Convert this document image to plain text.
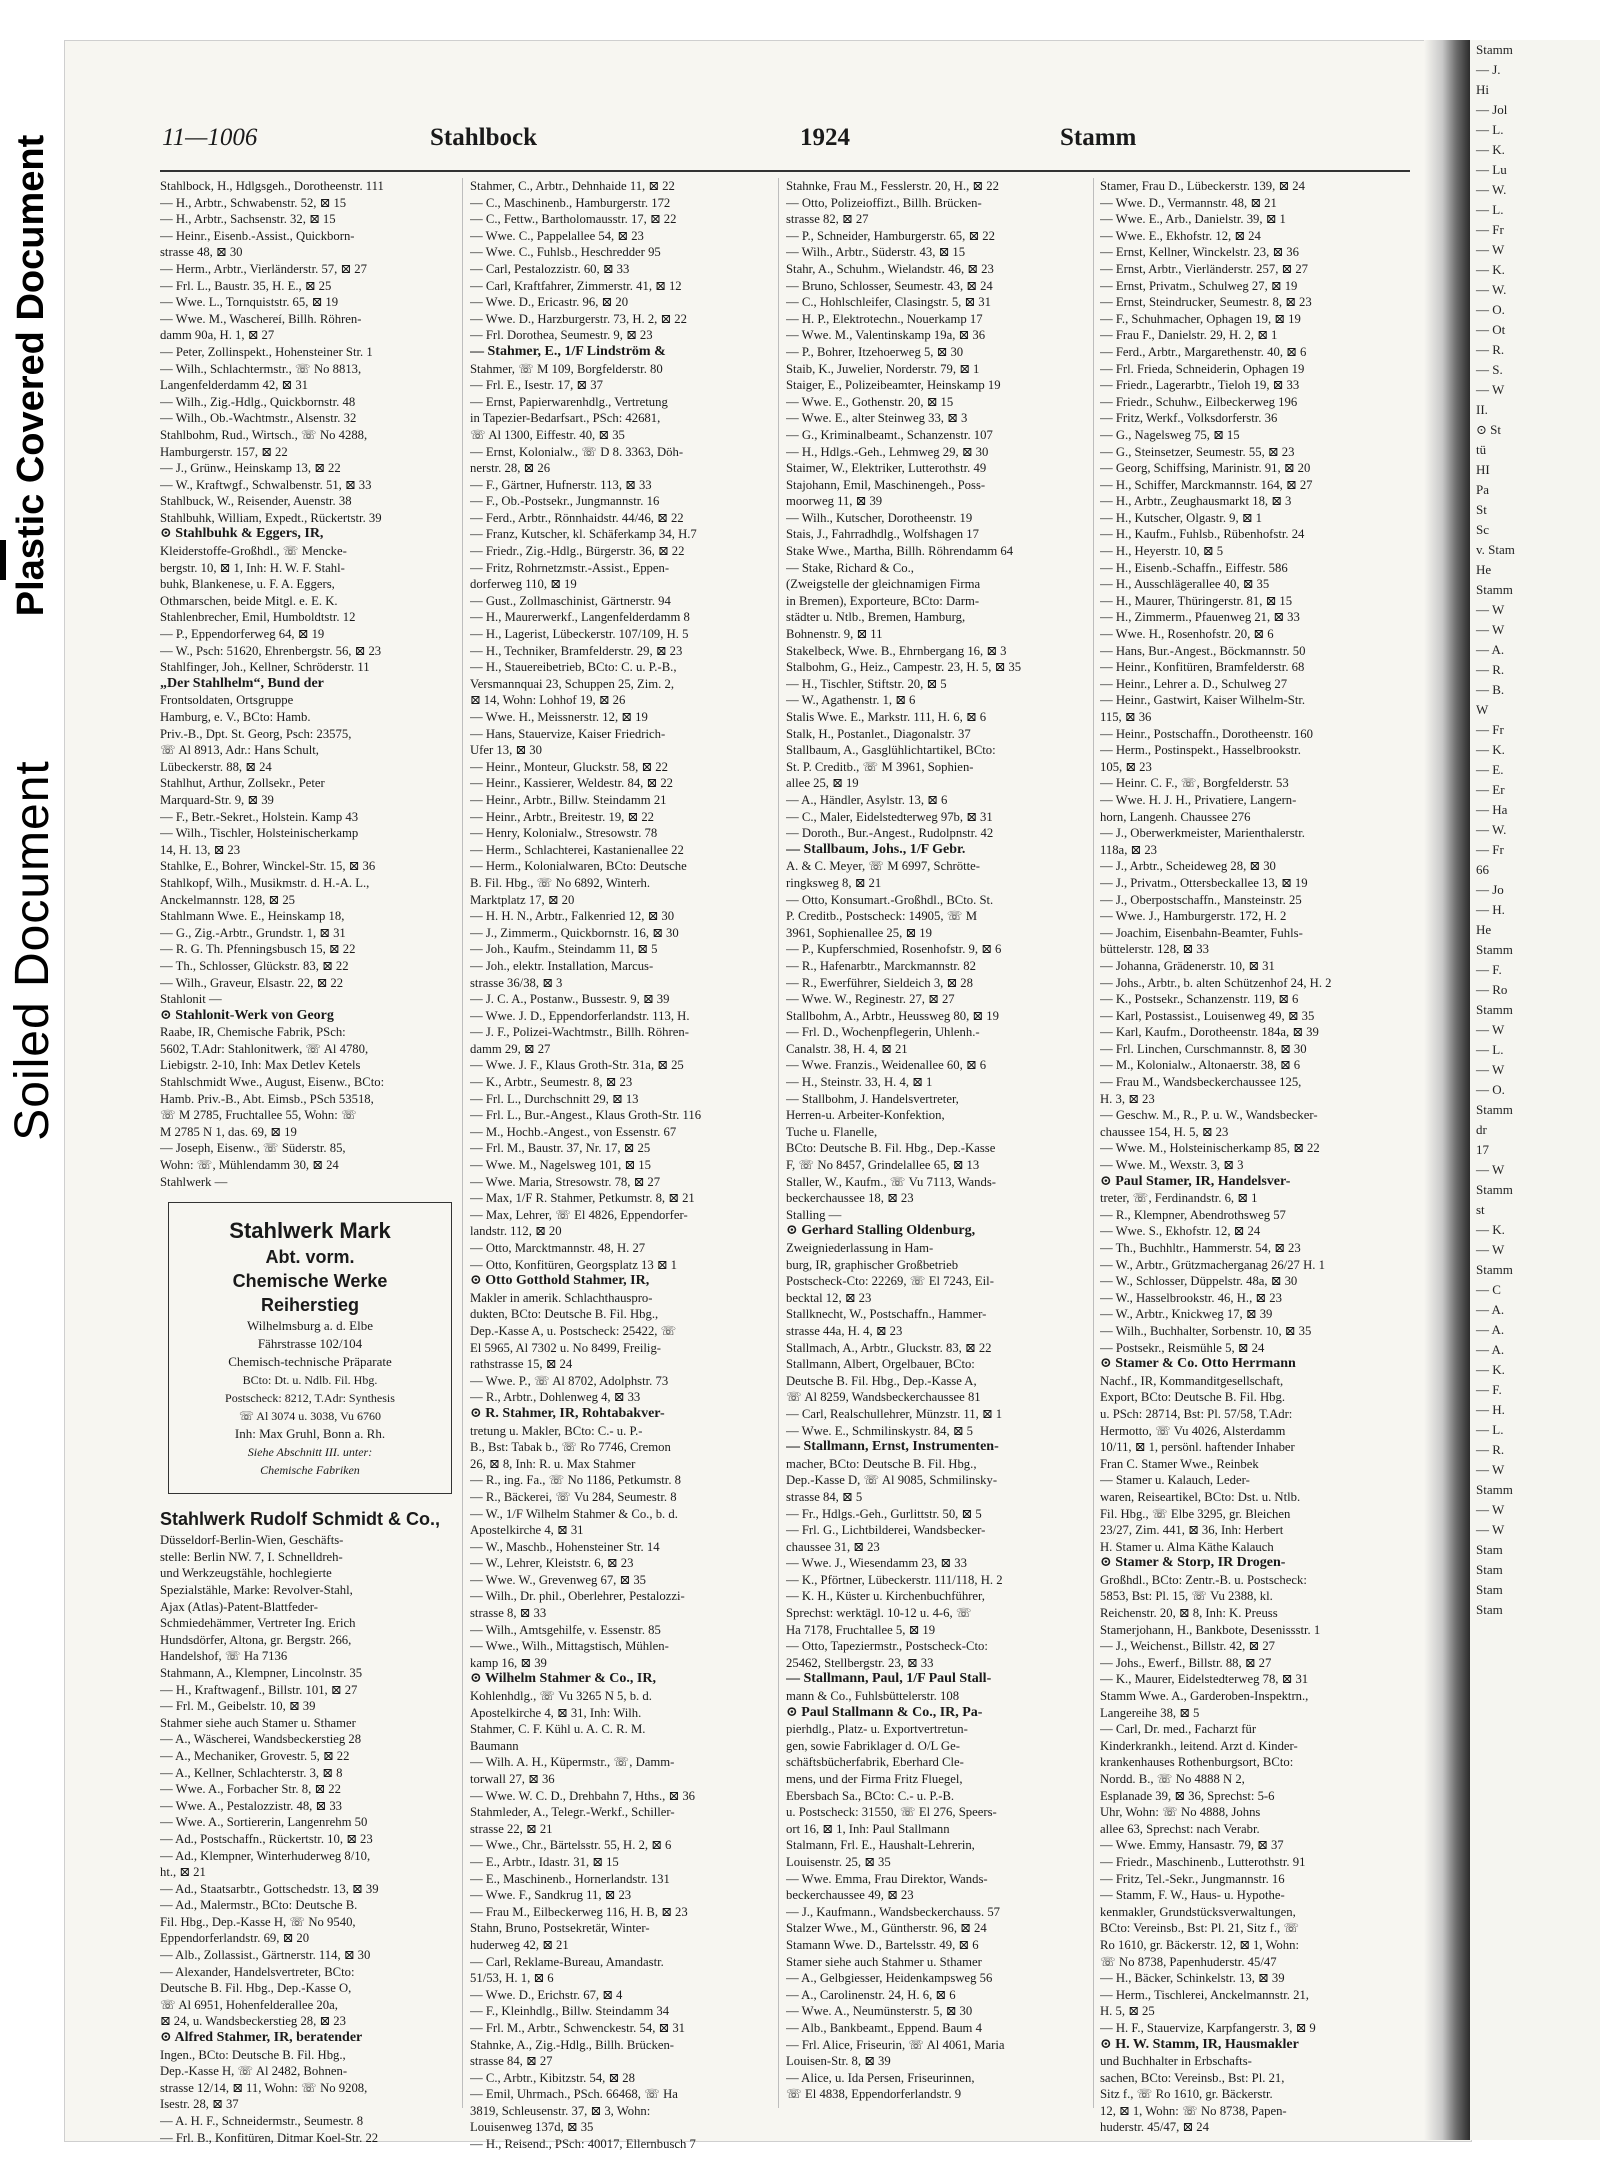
Plastic Covered Document
Soiled Document
Stamm
— J.
Hi
— Jol
— L.
— K.
— Lu
— W.
— L.
— Fr
— W
— K.
— W.
— O.
— Ot
— R.
— S.
— W
II.
⊙ St
tü
HI
Pa
St
Sc
v. Stam
He
Stamm
— W
— W
— A.
— R.
— B.
W
— Fr
— K.
— E.
— Er
— Ha
— W.
— Fr
66
— Jo
— H.
He
Stamm
— F.
— Ro
Stamm
— W
— L.
— W
— O.
Stamm
dr
17
— W
Stamm
st
— K.
— W
Stamm
— C
— A.
— A.
— A.
— K.
— F.
— H.
— L.
— R.
— W
Stamm
— W
— W
Stam
Stam
Stam
Stam
11—1006	Stahlbock	1924	Stamm
Stahlbock, H., Hdlgsgeh., Dorotheenstr. 111
— H., Arbtr., Schwabenstr. 52, ⊠ 15
— H., Arbtr., Sachsenstr. 32, ⊠ 15
— Heinr., Eisenb.-Assist., Quickborn-
strasse 48, ⊠ 30
— Herm., Arbtr., Vierländerstr. 57, ⊠ 27
— Frl. L., Baustr. 35, H. E., ⊠ 25
— Wwe. L., Tornquiststr. 65, ⊠ 19
— Wwe. M., Waschereí, Billh. Röhren-
damm 90a, H. 1, ⊠ 27
— Peter, Zollinspekt., Hohensteiner Str. 1
— Wilh., Schlachtermstr., ☏ No 8813,
Langenfelderdamm 42, ⊠ 31
— Wilh., Zig.-Hdlg., Quickbornstr. 48
— Wilh., Ob.-Wachtmstr., Alsenstr. 32
Stahlbohm, Rud., Wirtsch., ☏ No 4288,
Hamburgerstr. 157, ⊠ 22
— J., Grünw., Heinskamp 13, ⊠ 22
— W., Kraftwgf., Schwalbenstr. 51, ⊠ 33
Stahlbuck, W., Reisender, Auenstr. 38
Stahlbuhk, William, Expedt., Rückertstr. 39
⊙ Stahlbuhk & Eggers, IR,
Kleiderstoffe-Großhdl., ☏ Mencke-
bergstr. 10, ⊠ 1, Inh: H. W. F. Stahl-
buhk, Blankenese, u. F. A. Eggers,
Othmarschen, beide Mitgl. e. E. K.
Stahlenbrecher, Emil, Humboldtstr. 12
— P., Eppendorferweg 64, ⊠ 19
— W., Psch: 51620, Ehrenbergstr. 56, ⊠ 23
Stahlfinger, Joh., Kellner, Schröderstr. 11
„Der Stahlhelm“, Bund der
Frontsoldaten, Ortsgruppe
Hamburg, e. V., BCto: Hamb.
Priv.-B., Dpt. St. Georg, Psch: 23575,
☏ Al 8913, Adr.: Hans Schult,
Lübeckerstr. 88, ⊠ 24
Stahlhut, Arthur, Zollsekr., Peter
Marquard-Str. 9, ⊠ 39
— F., Betr.-Sekret., Holstein. Kamp 43
— Wilh., Tischler, Holsteinischerkamp
14, H. 13, ⊠ 23
Stahlke, E., Bohrer, Winckel-Str. 15, ⊠ 36
Stahlkopf, Wilh., Musikmstr. d. H.-A. L.,
Anckelmannstr. 128, ⊠ 25
Stahlmann Wwe. E., Heinskamp 18,
— G., Zig.-Arbtr., Grundstr. 1, ⊠ 31
— R. G. Th. Pfenningsbusch 15, ⊠ 22
— Th., Schlosser, Glückstr. 83, ⊠ 22
— Wilh., Graveur, Elsastr. 22, ⊠ 22
Stahlonit —
⊙ Stahlonit-Werk von Georg
Raabe, IR, Chemische Fabrik, PSch:
5602, T.Adr: Stahlonitwerk, ☏ Al 4780,
Liebigstr. 2-10, Inh: Max Detlev Ketels
Stahlschmidt Wwe., August, Eisenw., BCto:
Hamb. Priv.-B., Abt. Eimsb., PSch 53518,
☏ M 2785, Fruchtallee 55, Wohn: ☏
M 2785 N 1, das. 69, ⊠ 19
— Joseph, Eisenw., ☏ Süderstr. 85,
Wohn: ☏, Mühlendamm 30, ⊠ 24
Stahlwerk —
Stahlwerk Mark
Abt. vorm.
Chemische Werke
Reiherstieg
Wilhelmsburg a. d. Elbe
Fährstrasse 102/104
Chemisch-technische Präparate
BCto: Dt. u. Ndlb. Fil. Hbg.
Postscheck: 8212, T.Adr: Synthesis
☏ Al 3074 u. 3038, Vu 6760
Inh: Max Gruhl, Bonn a. Rh.
Siehe Abschnitt III. unter:
Chemische Fabriken
Stahlwerk Rudolf Schmidt & Co.,
Düsseldorf-Berlin-Wien, Geschäfts-
stelle: Berlin NW. 7, I. Schnelldreh-
und Werkzeugstähle, hochlegierte
Spezialstähle, Marke: Revolver-Stahl,
Ajax (Atlas)-Patent-Blattfeder-
Schmiedehämmer, Vertreter Ing. Erich
Hundsdörfer, Altona, gr. Bergstr. 266,
Handelshof, ☏ Ha 7136
Stahmann, A., Klempner, Lincolnstr. 35
— H., Kraftwagenf., Billstr. 101, ⊠ 27
— Frl. M., Geibelstr. 10, ⊠ 39
Stahmer siehe auch Stamer u. Sthamer
— A., Wäscherei, Wandsbeckerstieg 28
— A., Mechaniker, Grovestr. 5, ⊠ 22
— A., Kellner, Schlachterstr. 3, ⊠ 8
— Wwe. A., Forbacher Str. 8, ⊠ 22
— Wwe. A., Pestalozzistr. 48, ⊠ 33
— Wwe. A., Sortiererin, Langenrehm 50
— Ad., Postschaffn., Rückertstr. 10, ⊠ 23
— Ad., Klempner, Winterhuderweg 8/10,
ht., ⊠ 21
— Ad., Staatsarbtr., Gottschedstr. 13, ⊠ 39
— Ad., Malermstr., BCto: Deutsche B.
Fil. Hbg., Dep.-Kasse H, ☏ No 9540,
Eppendorferlandstr. 69, ⊠ 20
— Alb., Zollassist., Gärtnerstr. 114, ⊠ 30
— Alexander, Handelsvertreter, BCto:
Deutsche B. Fil. Hbg., Dep.-Kasse O,
☏ Al 6951, Hohenfelderallee 20a,
⊠ 24, u. Wandsbeckerstieg 28, ⊠ 23
⊙ Alfred Stahmer, IR, beratender
Ingen., BCto: Deutsche B. Fil. Hbg.,
Dep.-Kasse H, ☏ Al 2482, Bohnen-
strasse 12/14, ⊠ 11, Wohn: ☏ No 9208,
Isestr. 28, ⊠ 37
— A. H. F., Schneidermstr., Seumestr. 8
— Frl. B., Konfitüren, Ditmar Koel-Str. 22
Stahmer, C., Arbtr., Dehnhaide 11, ⊠ 22
— C., Maschinenb., Hamburgerstr. 172
— C., Fettw., Bartholomausstr. 17, ⊠ 22
— Wwe. C., Pappelallee 54, ⊠ 23
— Wwe. C., Fuhlsb., Heschredder 95
— Carl, Pestalozzistr. 60, ⊠ 33
— Carl, Kraftfahrer, Zimmerstr. 41, ⊠ 12
— Wwe. D., Ericastr. 96, ⊠ 20
— Wwe. D., Harzburgerstr. 73, H. 2, ⊠ 22
— Frl. Dorothea, Seumestr. 9, ⊠ 23
— Stahmer, E., 1/F Lindström &
Stahmer, ☏ M 109, Borgfelderstr. 80
— Frl. E., Isestr. 17, ⊠ 37
— Ernst, Papierwarenhdlg., Vertretung
in Tapezier-Bedarfsart., PSch: 42681,
☏ Al 1300, Eiffestr. 40, ⊠ 35
— Ernst, Kolonialw., ☏ D 8. 3363, Döh-
nerstr. 28, ⊠ 26
— F., Gärtner, Hufnerstr. 113, ⊠ 33
— F., Ob.-Postsekr., Jungmannstr. 16
— Ferd., Arbtr., Rönnhaidstr. 44/46, ⊠ 22
— Franz, Kutscher, kl. Schäferkamp 34, H.7
— Friedr., Zig.-Hdlg., Bürgerstr. 36, ⊠ 22
— Fritz, Rohrnetzmstr.-Assist., Eppen-
dorferweg 110, ⊠ 19
— Gust., Zollmaschinist, Gärtnerstr. 94
— H., Maurerwerkf., Langenfelderdamm 8
— H., Lagerist, Lübeckerstr. 107/109, H. 5
— H., Techniker, Bramfelderstr. 29, ⊠ 23
— H., Stauereibetrieb, BCto: C. u. P.-B.,
Versmannquai 23, Schuppen 25, Zim. 2,
⊠ 14, Wohn: Lohhof 19, ⊠ 26
— Wwe. H., Meissnerstr. 12, ⊠ 19
— Hans, Stauervize, Kaiser Friedrich-
Ufer 13, ⊠ 30
— Heinr., Monteur, Gluckstr. 58, ⊠ 22
— Heinr., Kassierer, Weldestr. 84, ⊠ 22
— Heinr., Arbtr., Billw. Steindamm 21
— Heinr., Arbtr., Breitestr. 19, ⊠ 22
— Henry, Kolonialw., Stresowstr. 78
— Herm., Schlachterei, Kastanienallee 22
— Herm., Kolonialwaren, BCto: Deutsche
B. Fil. Hbg., ☏ No 6892, Winterh.
Marktplatz 17, ⊠ 20
— H. H. N., Arbtr., Falkenried 12, ⊠ 30
— J., Zimmerm., Quickbornstr. 16, ⊠ 30
— Joh., Kaufm., Steindamm 11, ⊠ 5
— Joh., elektr. Installation, Marcus-
strasse 36/38, ⊠ 3
— J. C. A., Postanw., Bussestr. 9, ⊠ 39
— Wwe. J. D., Eppendorferlandstr. 113, H.
— J. F., Polizei-Wachtmstr., Billh. Röhren-
damm 29, ⊠ 27
— Wwe. J. F., Klaus Groth-Str. 31a, ⊠ 25
— K., Arbtr., Seumestr. 8, ⊠ 23
— Frl. L., Durchschnitt 29, ⊠ 13
— Frl. L., Bur.-Angest., Klaus Groth-Str. 116
— M., Hochb.-Angest., von Essenstr. 67
— Frl. M., Baustr. 37, Nr. 17, ⊠ 25
— Wwe. M., Nagelsweg 101, ⊠ 15
— Wwe. Maria, Stresowstr. 78, ⊠ 27
— Max, 1/F R. Stahmer, Petkumstr. 8, ⊠ 21
— Max, Lehrer, ☏ El 4826, Eppendorfer-
landstr. 112, ⊠ 20
— Otto, Marcktmannstr. 48, H. 27
— Otto, Konfitüren, Georgsplatz 13 ⊠ 1
⊙ Otto Gotthold Stahmer, IR,
Makler in amerik. Schlachthauspro-
dukten, BCto: Deutsche B. Fil. Hbg.,
Dep.-Kasse A, u. Postscheck: 25422, ☏
El 5965, Al 7302 u. No 8499, Freilig-
rathstrasse 15, ⊠ 24
— Wwe. P., ☏ Al 8702, Adolphstr. 73
— R., Arbtr., Dohlenweg 4, ⊠ 33
⊙ R. Stahmer, IR, Rohtabakver-
tretung u. Makler, BCto: C.- u. P.-
B., Bst: Tabak b., ☏ Ro 7746, Cremon
26, ⊠ 8, Inh: R. u. Max Stahmer
— R., ing. Fa., ☏ No 1186, Petkumstr. 8
— R., Bäckerei, ☏ Vu 284, Seumestr. 8
— W., 1/F Wilhelm Stahmer & Co., b. d.
Apostelkirche 4, ⊠ 31
— W., Maschb., Hohensteiner Str. 14
— W., Lehrer, Kleiststr. 6, ⊠ 23
— Wwe. W., Grevenweg 67, ⊠ 35
— Wilh., Dr. phil., Oberlehrer, Pestalozzi-
strasse 8, ⊠ 33
— Wilh., Amtsgehilfe, v. Essenstr. 85
— Wwe., Wilh., Mittagstisch, Mühlen-
kamp 16, ⊠ 39
⊙ Wilhelm Stahmer & Co., IR,
Kohlenhdlg., ☏ Vu 3265 N 5, b. d.
Apostelkirche 4, ⊠ 31, Inh: Wilh.
Stahmer, C. F. Kühl u. A. C. R. M.
Baumann
— Wilh. A. H., Küpermstr., ☏, Damm-
torwall 27, ⊠ 36
— Wwe. W. C. D., Drehbahn 7, Hths., ⊠ 36
Stahmleder, A., Telegr.-Werkf., Schiller-
strasse 22, ⊠ 21
— Wwe., Chr., Bärtelsstr. 55, H. 2, ⊠ 6
— E., Arbtr., Idastr. 31, ⊠ 15
— E., Maschinenb., Hornerlandstr. 131
— Wwe. F., Sandkrug 11, ⊠ 23
— Frau M., Eilbeckerweg 116, H. B, ⊠ 23
Stahn, Bruno, Postsekretär, Winter-
huderweg 42, ⊠ 21
— Carl, Reklame-Bureau, Amandastr.
51/53, H. 1, ⊠ 6
— Wwe. D., Erichstr. 67, ⊠ 4
— F., Kleinhdlg., Billw. Steindamm 34
— Frl. M., Arbtr., Schwenckestr. 54, ⊠ 31
Stahnke, A., Zig.-Hdlg., Billh. Brücken-
strasse 84, ⊠ 27
— C., Arbtr., Kibitzstr. 54, ⊠ 28
— Emil, Uhrmach., PSch. 66468, ☏ Ha
3819, Schleusenstr. 37, ⊠ 3, Wohn:
Louisenweg 137d, ⊠ 35
— H., Reisend., PSch: 40017, Ellernbusch 7
Stahnke, Frau M., Fesslerstr. 20, H., ⊠ 22
— Otto, Polizeioffizt., Billh. Brücken-
strasse 82, ⊠ 27
— P., Schneider, Hamburgerstr. 65, ⊠ 22
— Wilh., Arbtr., Süderstr. 43, ⊠ 15
Stahr, A., Schuhm., Wielandstr. 46, ⊠ 23
— Bruno, Schlosser, Seumestr. 43, ⊠ 24
— C., Hohlschleifer, Clasingstr. 5, ⊠ 31
— H. P., Elektrotechn., Nouerkamp 17
— Wwe. M., Valentinskamp 19a, ⊠ 36
— P., Bohrer, Itzehoerweg 5, ⊠ 30
Staib, K., Juwelier, Norderstr. 79, ⊠ 1
Staiger, E., Polizeibeamter, Heinskamp 19
— Wwe. E., Gothenstr. 20, ⊠ 15
— Wwe. E., alter Steinweg 33, ⊠ 3
— G., Kriminalbeamt., Schanzenstr. 107
— H., Hdlgs.-Geh., Lehmweg 29, ⊠ 30
Staimer, W., Elektriker, Lutterothstr. 49
Stajohann, Emil, Maschinengeh., Poss-
moorweg 11, ⊠ 39
— Wilh., Kutscher, Dorotheenstr. 19
Stais, J., Fahrradhdlg., Wolfshagen 17
Stake Wwe., Martha, Billh. Röhrendamm 64
— Stake, Richard & Co.,
(Zweigstelle der gleichnamigen Firma
in Bremen), Exporteure, BCto: Darm-
städter u. Ntlb., Bremen, Hamburg,
Bohnenstr. 9, ⊠ 11
Stakelbeck, Wwe. B., Ehrnbergang 16, ⊠ 3
Stalbohm, G., Heiz., Campestr. 23, H. 5, ⊠ 35
— H., Tischler, Stiftstr. 20, ⊠ 5
— W., Agathenstr. 1, ⊠ 6
Stalis Wwe. E., Markstr. 111, H. 6, ⊠ 6
Stalk, H., Postanlet., Diagonalstr. 37
Stallbaum, A., Gasglühlichtartikel, BCto:
St. P. Creditb., ☏ M 3961, Sophien-
allee 25, ⊠ 19
— A., Händler, Asylstr. 13, ⊠ 6
— C., Maler, Eidelstedterweg 97b, ⊠ 31
— Doroth., Bur.-Angest., Rudolpnstr. 42
— Stallbaum, Johs., 1/F Gebr.
A. & C. Meyer, ☏ M 6997, Schrötte-
ringksweg 8, ⊠ 21
— Otto, Konsumart.-Großhdl., BCto. St.
P. Creditb., Postscheck: 14905, ☏ M
3961, Sophienallee 25, ⊠ 19
— P., Kupferschmied, Rosenhofstr. 9, ⊠ 6
— R., Hafenarbtr., Marckmannstr. 82
— R., Ewerführer, Sieldeich 3, ⊠ 28
— Wwe. W., Reginestr. 27, ⊠ 27
Stallbohm, A., Arbtr., Heussweg 80, ⊠ 19
— Frl. D., Wochenpflegerin, Uhlenh.-
Canalstr. 38, H. 4, ⊠ 21
— Wwe. Franzis., Weidenallee 60, ⊠ 6
— H., Steinstr. 33, H. 4, ⊠ 1
— Stallbohm, J. Handelsvertreter,
Herren-u. Arbeiter-Konfektion,
Tuche u. Flanelle,
BCto: Deutsche B. Fil. Hbg., Dep.-Kasse
F, ☏ No 8457, Grindelallee 65, ⊠ 13
Staller, W., Kaufm., ☏ Vu 7113, Wands-
beckerchaussee 18, ⊠ 23
Stalling —
⊙ Gerhard Stalling Oldenburg,
Zweigniederlassung in Ham-
burg, IR, graphischer Großbetrieb
Postscheck-Cto: 22269, ☏ El 7243, Eil-
becktal 12, ⊠ 23
Stallknecht, W., Postschaffn., Hammer-
strasse 44a, H. 4, ⊠ 23
Stallmach, A., Arbtr., Gluckstr. 83, ⊠ 22
Stallmann, Albert, Orgelbauer, BCto:
Deutsche B. Fil. Hbg., Dep.-Kasse A,
☏ Al 8259, Wandsbeckerchaussee 81
— Carl, Realschullehrer, Münzstr. 11, ⊠ 1
— Wwe. E., Schmilinskystr. 84, ⊠ 5
— Stallmann, Ernst, Instrumenten-
macher, BCto: Deutsche B. Fil. Hbg.,
Dep.-Kasse D, ☏ Al 9085, Schmilinsky-
strasse 84, ⊠ 5
— Fr., Hdlgs.-Geh., Gurlittstr. 50, ⊠ 5
— Frl. G., Lichtbilderei, Wandsbecker-
chaussee 31, ⊠ 23
— Wwe. J., Wiesendamm 23, ⊠ 33
— K., Pförtner, Lübeckerstr. 111/118, H. 2
— K. H., Küster u. Kirchenbuchführer,
Sprechst: werktägl. 10-12 u. 4-6, ☏
Ha 7178, Fruchtallee 5, ⊠ 19
— Otto, Tapeziermstr., Postscheck-Cto:
25462, Stellbergstr. 23, ⊠ 33
— Stallmann, Paul, 1/F Paul Stall-
mann & Co., Fuhlsbüttelerstr. 108
⊙ Paul Stallmann & Co., IR, Pa-
pierhdlg., Platz- u. Exportvertretun-
gen, sowie Fabriklager d. O/L Ge-
schäftsbücherfabrik, Eberhard Cle-
mens, und der Firma Fritz Fluegel,
Ebersbach Sa., BCto: C.- u. P.-B.
u. Postscheck: 31550, ☏ El 276, Speers-
ort 16, ⊠ 1, Inh: Paul Stallmann
Stalmann, Frl. E., Haushalt-Lehrerin,
Louisenstr. 25, ⊠ 35
— Wwe. Emma, Frau Direktor, Wands-
beckerchaussee 49, ⊠ 23
— J., Kaufmann., Wandsbeckerchauss. 57
Stalzer Wwe., M., Güntherstr. 96, ⊠ 24
Stamann Wwe. D., Bartelsstr. 49, ⊠ 6
Stamer siehe auch Stahmer u. Sthamer
— A., Gelbgiesser, Heidenkampsweg 56
— A., Carolinenstr. 24, H. 6, ⊠ 6
— Wwe. A., Neumünsterstr. 5, ⊠ 30
— Alb., Bankbeamt., Eppend. Baum 4
— Frl. Alice, Friseurin, ☏ Al 4061, Maria
Louisen-Str. 8, ⊠ 39
— Alice, u. Ida Persen, Friseurinnen,
☏ El 4838, Eppendorferlandstr. 9
Stamer, Frau D., Lübeckerstr. 139, ⊠ 24
— Wwe. D., Vermannstr. 48, ⊠ 21
— Wwe. E., Arb., Danielstr. 39, ⊠ 1
— Wwe. E., Ekhofstr. 12, ⊠ 24
— Ernst, Kellner, Winckelstr. 23, ⊠ 36
— Ernst, Arbtr., Vierländerstr. 257, ⊠ 27
— Ernst, Privatm., Schulweg 27, ⊠ 19
— Ernst, Steindrucker, Seumestr. 8, ⊠ 23
— F., Schuhmacher, Ophagen 19, ⊠ 19
— Frau F., Danielstr. 29, H. 2, ⊠ 1
— Ferd., Arbtr., Margarethenstr. 40, ⊠ 6
— Frl. Frieda, Schneiderin, Ophagen 19
— Friedr., Lagerarbtr., Tieloh 19, ⊠ 33
— Friedr., Schuhw., Eilbeckerweg 196
— Fritz, Werkf., Volksdorferstr. 36
— G., Nagelsweg 75, ⊠ 15
— G., Steinsetzer, Seumestr. 55, ⊠ 23
— Georg, Schiffsing, Marinistr. 91, ⊠ 20
— H., Schiffer, Marckmannstr. 164, ⊠ 27
— H., Arbtr., Zeughausmarkt 18, ⊠ 3
— H., Kutscher, Olgastr. 9, ⊠ 1
— H., Kaufm., Fuhlsb., Rübenhofstr. 24
— H., Heyerstr. 10, ⊠ 5
— H., Eisenb.-Schaffn., Eiffestr. 586
— H., Ausschlägerallee 40, ⊠ 35
— H., Maurer, Thüringerstr. 81, ⊠ 15
— H., Zimmerm., Pfauenweg 21, ⊠ 33
— Wwe. H., Rosenhofstr. 20, ⊠ 6
— Hans, Bur.-Angest., Böckmannstr. 50
— Heinr., Konfitüren, Bramfelderstr. 68
— Heinr., Lehrer a. D., Schulweg 27
— Heinr., Gastwirt, Kaiser Wilhelm-Str.
115, ⊠ 36
— Heinr., Postschaffn., Dorotheenstr. 160
— Herm., Postinspekt., Hasselbrookstr.
105, ⊠ 23
— Heinr. C. F., ☏, Borgfelderstr. 53
— Wwe. H. J. H., Privatiere, Langern-
horn, Langenh. Chaussee 276
— J., Oberwerkmeister, Marienthalerstr.
118a, ⊠ 23
— J., Arbtr., Scheideweg 28, ⊠ 30
— J., Privatm., Ottersbeckallee 13, ⊠ 19
— J., Oberpostschaffn., Mansteinstr. 25
— Wwe. J., Hamburgerstr. 172, H. 2
— Joachim, Eisenbahn-Beamter, Fuhls-
büttelerstr. 128, ⊠ 33
— Johanna, Grädenerstr. 10, ⊠ 31
— Johs., Arbtr., b. alten Schützenhof 24, H. 2
— K., Postsekr., Schanzenstr. 119, ⊠ 6
— Karl, Postassist., Louisenweg 49, ⊠ 35
— Karl, Kaufm., Dorotheenstr. 184a, ⊠ 39
— Frl. Linchen, Curschmannstr. 8, ⊠ 30
— M., Kolonialw., Altonaerstr. 38, ⊠ 6
— Frau M., Wandsbeckerchaussee 125,
H. 3, ⊠ 23
— Geschw. M., R., P. u. W., Wandsbecker-
chaussee 154, H. 5, ⊠ 23
— Wwe. M., Holsteinischerkamp 85, ⊠ 22
— Wwe. M., Wexstr. 3, ⊠ 3
⊙ Paul Stamer, IR, Handelsver-
treter, ☏, Ferdinandstr. 6, ⊠ 1
— R., Klempner, Abendrothsweg 57
— Wwe. S., Ekhofstr. 12, ⊠ 24
— Th., Buchhltr., Hammerstr. 54, ⊠ 23
— W., Arbtr., Grützmacherganag 26/27 H. 1
— W., Schlosser, Düppelstr. 48a, ⊠ 30
— W., Hasselbrookstr. 46, H., ⊠ 23
— W., Arbtr., Knickweg 17, ⊠ 39
— Wilh., Buchhalter, Sorbenstr. 10, ⊠ 35
— Postsekr., Reismühle 5, ⊠ 24
⊙ Stamer & Co. Otto Herrmann
Nachf., IR, Kommanditgesellschaft,
Export, BCto: Deutsche B. Fil. Hbg.
u. PSch: 28714, Bst: Pl. 57/58, T.Adr:
Hermotto, ☏ Vu 4026, Alsterdamm
10/11, ⊠ 1, persönl. haftender Inhaber
Fran C. Stamer Wwe., Reinbek
— Stamer u. Kalauch, Leder-
waren, Reiseartikel, BCto: Dst. u. Ntlb.
Fil. Hbg., ☏ Elbe 3295, gr. Bleichen
23/27, Zim. 441, ⊠ 36, Inh: Herbert
H. Stamer u. Alma Käthe Kalauch
⊙ Stamer & Storp, IR Drogen-
Großhdl., BCto: Zentr.-B. u. Postscheck:
5853, Bst: Pl. 15, ☏ Vu 2388, kl.
Reichenstr. 20, ⊠ 8, Inh: K. Preuss
Stamerjohann, H., Bankbote, Desenissstr. 1
— J., Weichenst., Billstr. 42, ⊠ 27
— Johs., Ewerf., Billstr. 88, ⊠ 27
— K., Maurer, Eidelstedterweg 78, ⊠ 31
Stamm Wwe. A., Garderoben-Inspektrn.,
Langereihe 38, ⊠ 5
— Carl, Dr. med., Facharzt für
Kinderkrankh., leitend. Arzt d. Kinder-
krankenhauses Rothenburgsort, BCto:
Nordd. B., ☏ No 4888 N 2,
Esplanade 39, ⊠ 36, Sprechst: 5-6
Uhr, Wohn: ☏ No 4888, Johns
allee 63, Sprechst: nach Verabr.
— Wwe. Emmy, Hansastr. 79, ⊠ 37
— Friedr., Maschinenb., Lutterothstr. 91
— Fritz, Tel.-Sekr., Jungmannstr. 16
— Stamm, F. W., Haus- u. Hypothe-
kenmakler, Grundstücksverwaltungen,
BCto: Vereinsb., Bst: Pl. 21, Sitz f., ☏
Ro 1610, gr. Bäckerstr. 12, ⊠ 1, Wohn:
☏ No 8738, Papenhuderstr. 45/47
— H., Bäcker, Schinkelstr. 13, ⊠ 39
— Herm., Tischlerei, Anckelmannstr. 21,
H. 5, ⊠ 25
— H. F., Stauervize, Karpfangerstr. 3, ⊠ 9
⊙ H. W. Stamm, IR, Hausmakler
und Buchhalter in Erbschafts-
sachen, BCto: Vereinsb., Bst: Pl. 21,
Sitz f., ☏ Ro 1610, gr. Bäckerstr.
12, ⊠ 1, Wohn: ☏ No 8738, Papen-
huderstr. 45/47, ⊠ 24
